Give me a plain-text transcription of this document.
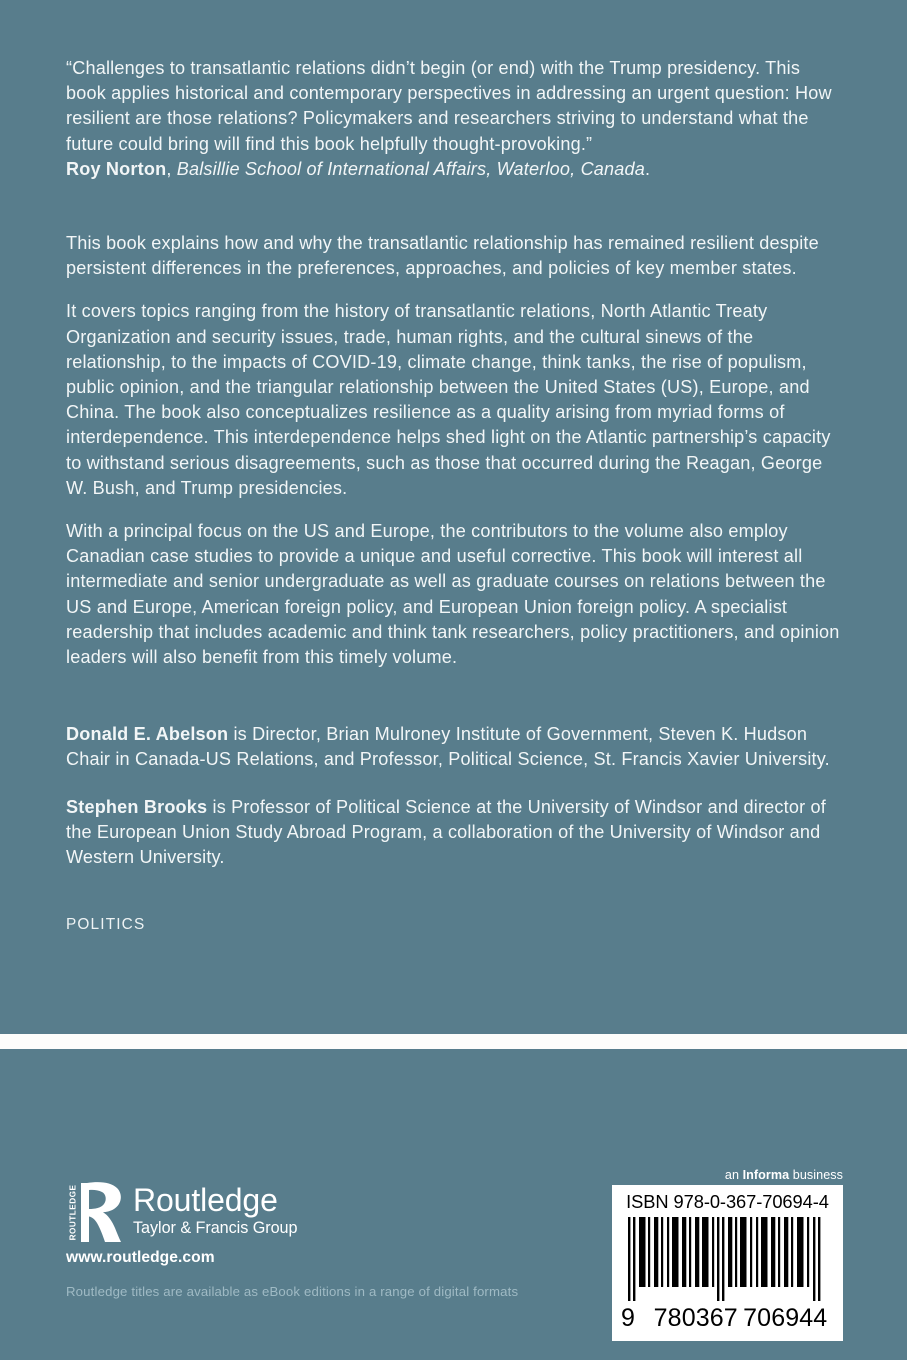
“Challenges to transatlantic relations didn’t begin (or end) with the Trump presidency. This book applies historical and contemporary perspectives in addressing an urgent question: How resilient are those relations? Policymakers and researchers striving to understand what the future could bring will find this book helpfully thought-provoking.”
Roy Norton, Balsillie School of International Affairs, Waterloo, Canada.

This book explains how and why the transatlantic relationship has remained resilient despite persistent differences in the preferences, approaches, and policies of key member states.

It covers topics ranging from the history of transatlantic relations, North Atlantic Treaty Organization and security issues, trade, human rights, and the cultural sinews of the relationship, to the impacts of COVID-19, climate change, think tanks, the rise of populism, public opinion, and the triangular relationship between the United States (US), Europe, and China. The book also conceptualizes resilience as a quality arising from myriad forms of interdependence. This interdependence helps shed light on the Atlantic partnership’s capacity to withstand serious disagreements, such as those that occurred during the Reagan, George W. Bush, and Trump presidencies.

With a principal focus on the US and Europe, the contributors to the volume also employ Canadian case studies to provide a unique and useful corrective. This book will interest all intermediate and senior undergraduate as well as graduate courses on relations between the US and Europe, American foreign policy, and European Union foreign policy. A specialist readership that includes academic and think tank researchers, policy practitioners, and opinion leaders will also benefit from this timely volume.

Donald E. Abelson is Director, Brian Mulroney Institute of Government, Steven K. Hudson Chair in Canada-US Relations, and Professor, Political Science, St. Francis Xavier University.

Stephen Brooks is Professor of Political Science at the University of Windsor and director of the European Union Study Abroad Program, a collaboration of the University of Windsor and Western University.

POLITICS
ROUTLEDGE Routledge
Taylor & Francis Group
www.routledge.com
Routledge titles are available as eBook editions in a range of digital formats
an Informa business
ISBN 978-0-367-70694-4
9 780367 706944
